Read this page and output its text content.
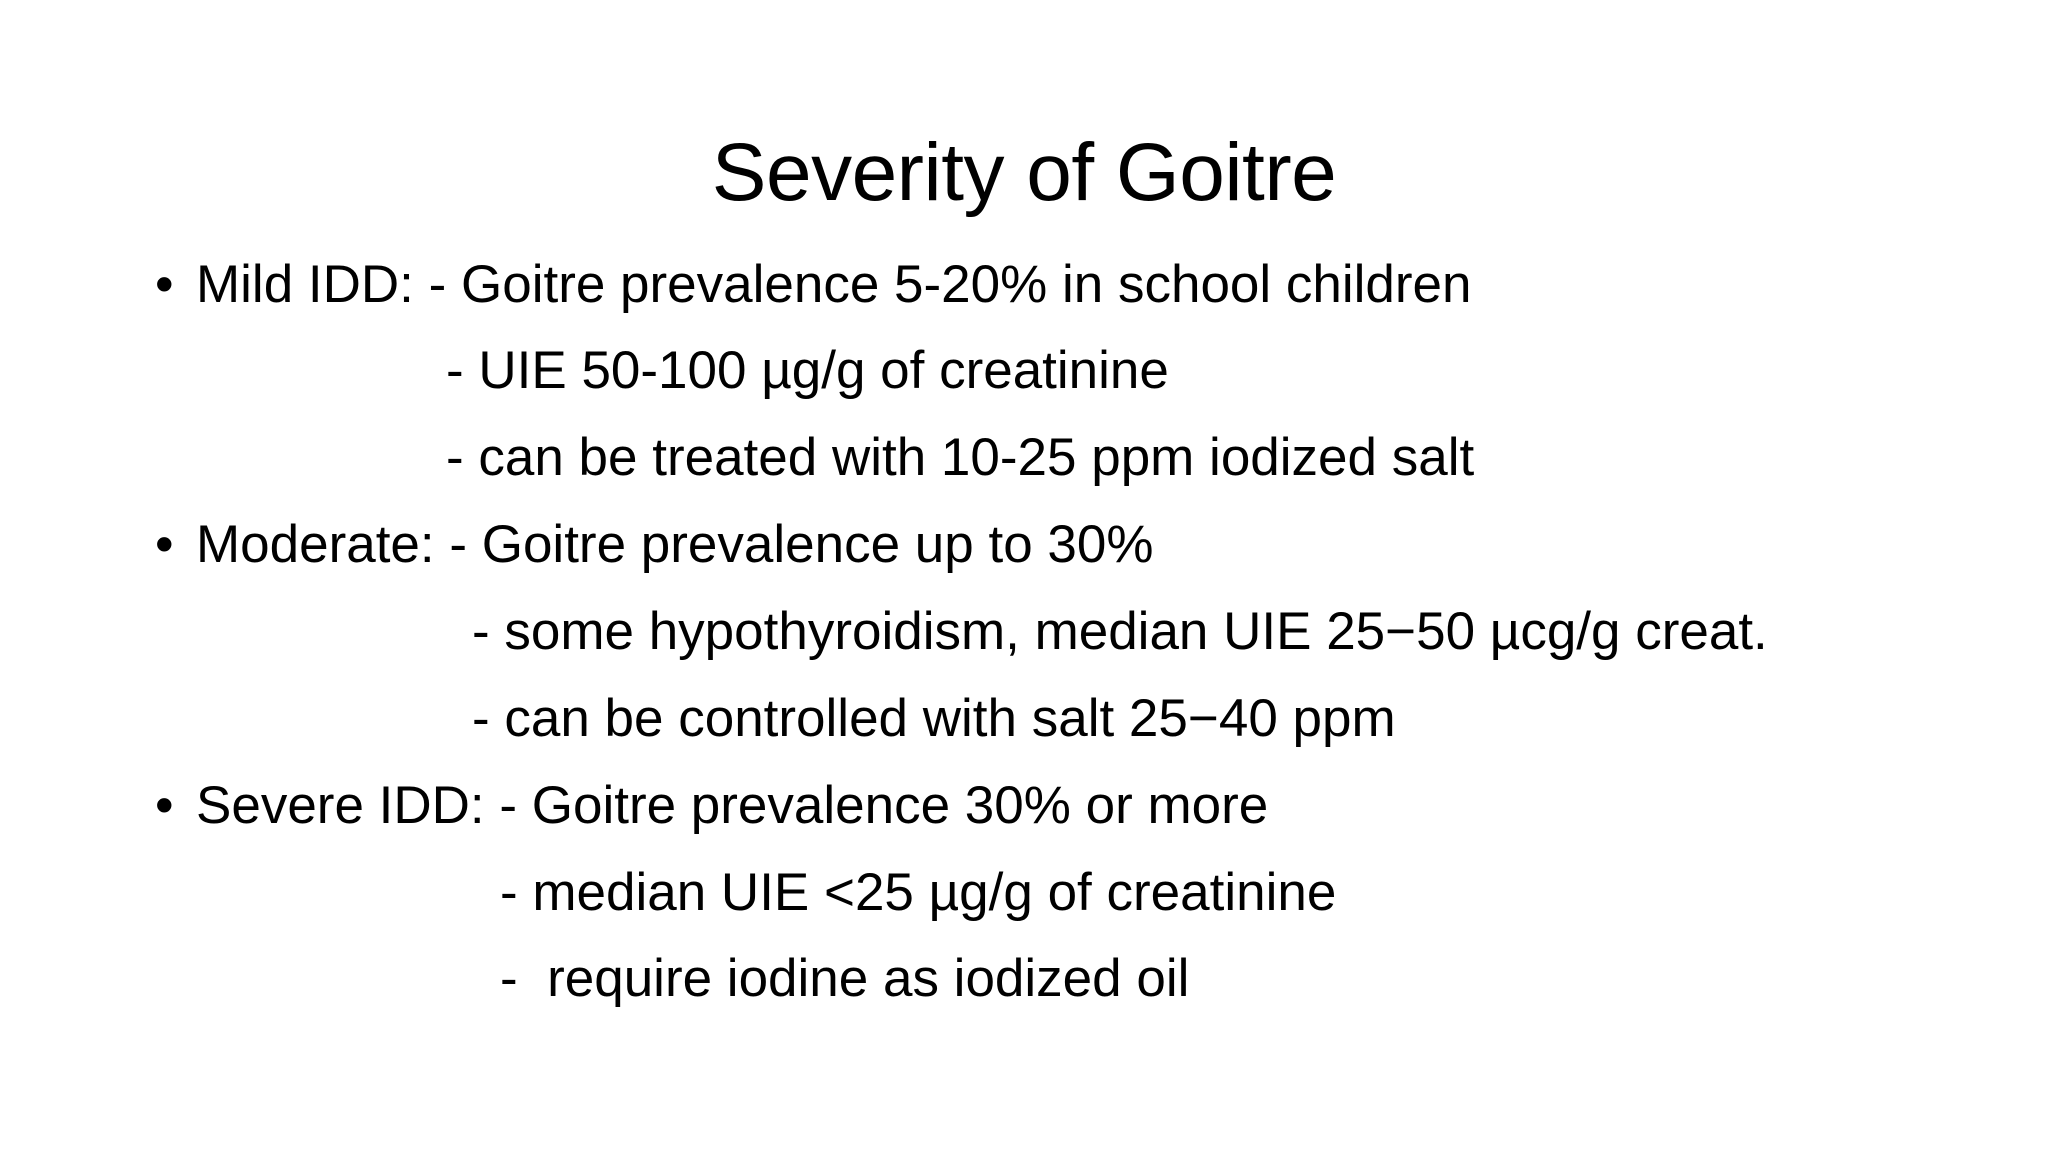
Severity of Goitre
• Mild IDD: - Goitre prevalence 5-20% in school children
- UIE 50-100 µg/g of creatinine
- can be treated with 10-25 ppm iodized salt
• Moderate: - Goitre prevalence up to 30%
- some hypothyroidism, median UIE 25−50 µcg/g creat.
- can be controlled with salt 25−40 ppm
• Severe IDD: - Goitre prevalence 30% or more
- median UIE <25 µg/g of creatinine
-  require iodine as iodized oil
